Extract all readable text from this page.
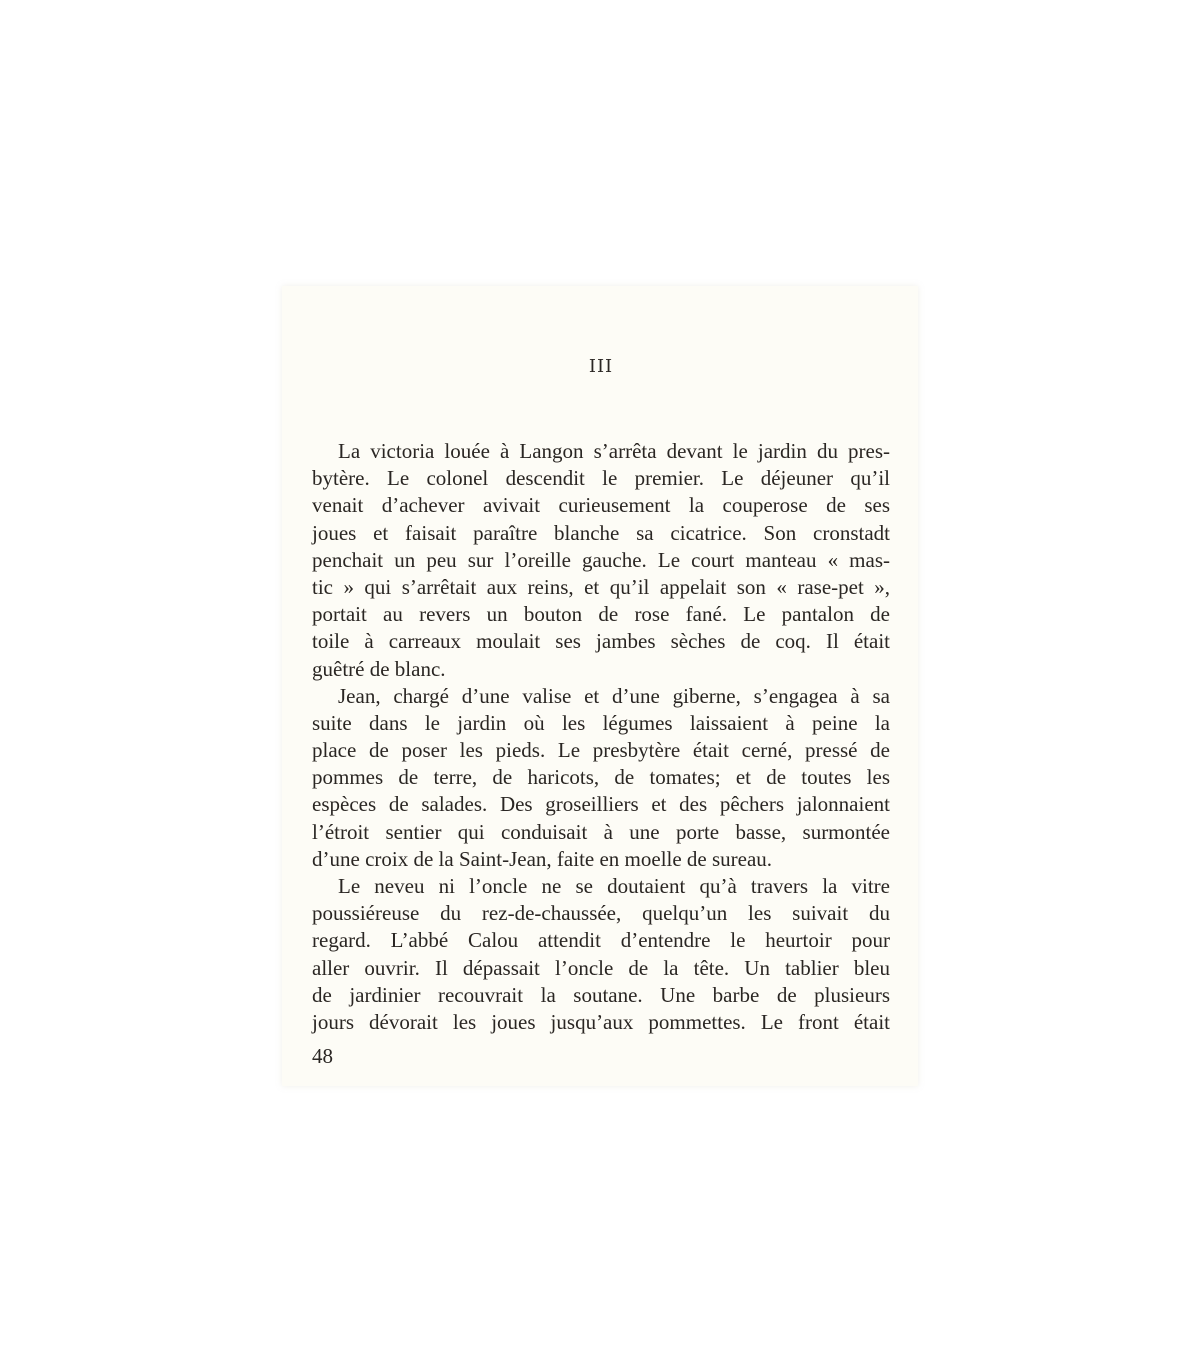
III
La victoria louée à Langon s’arrêta devant le jardin du pres-
bytère. Le colonel descendit le premier. Le déjeuner qu’il
venait d’achever avivait curieusement la couperose de ses
joues et faisait paraître blanche sa cicatrice. Son cronstadt
penchait un peu sur l’oreille gauche. Le court manteau « mas-
tic » qui s’arrêtait aux reins, et qu’il appelait son « rase-pet »,
portait au revers un bouton de rose fané. Le pantalon de
toile à carreaux moulait ses jambes sèches de coq. Il était
guêtré de blanc.
Jean, chargé d’une valise et d’une giberne, s’engagea à sa
suite dans le jardin où les légumes laissaient à peine la
place de poser les pieds. Le presbytère était cerné, pressé de
pommes de terre, de haricots, de tomates; et de toutes les
espèces de salades. Des groseilliers et des pêchers jalonnaient
l’étroit sentier qui conduisait à une porte basse, surmontée
d’une croix de la Saint-Jean, faite en moelle de sureau.
Le neveu ni l’oncle ne se doutaient qu’à travers la vitre
poussiéreuse du rez-de-chaussée, quelqu’un les suivait du
regard. L’abbé Calou attendit d’entendre le heurtoir pour
aller ouvrir. Il dépassait l’oncle de la tête. Un tablier bleu
de jardinier recouvrait la soutane. Une barbe de plusieurs
jours dévorait les joues jusqu’aux pommettes. Le front était
48
